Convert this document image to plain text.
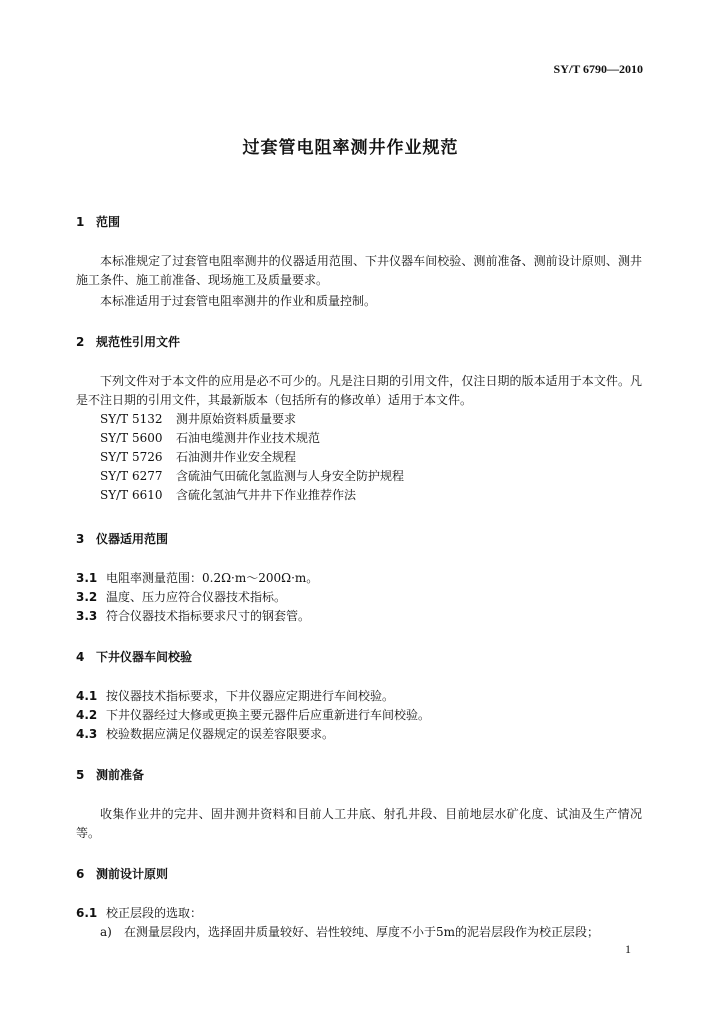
SY/T 6790—2010
过套管电阻率测井作业规范
1 范围
本标准规定了过套管电阻率测井的仪器适用范围、下井仪器车间校验、测前准备、测前设计原则、测井施工条件、施工前准备、现场施工及质量要求。
本标准适用于过套管电阻率测井的作业和质量控制。
2 规范性引用文件
下列文件对于本文件的应用是必不可少的。凡是注日期的引用文件，仅注日期的版本适用于本文件。凡是不注日期的引用文件，其最新版本（包括所有的修改单）适用于本文件。
SY/T 5132 测井原始资料质量要求
SY/T 5600 石油电缆测井作业技术规范
SY/T 5726 石油测井作业安全规程
SY/T 6277 含硫油气田硫化氢监测与人身安全防护规程
SY/T 6610 含硫化氢油气井井下作业推荐作法
3 仪器适用范围
3.1 电阻率测量范围：0.2Ω·m～200Ω·m。
3.2 温度、压力应符合仪器技术指标。
3.3 符合仪器技术指标要求尺寸的钢套管。
4 下井仪器车间校验
4.1 按仪器技术指标要求，下井仪器应定期进行车间校验。
4.2 下井仪器经过大修或更换主要元器件后应重新进行车间校验。
4.3 校验数据应满足仪器规定的误差容限要求。
5 测前准备
收集作业井的完井、固井测井资料和目前人工井底、射孔井段、目前地层水矿化度、试油及生产情况等。
6 测前设计原则
6.1 校正层段的选取：
a) 在测量层段内，选择固井质量较好、岩性较纯、厚度不小于5m的泥岩层段作为校正层段；
1
